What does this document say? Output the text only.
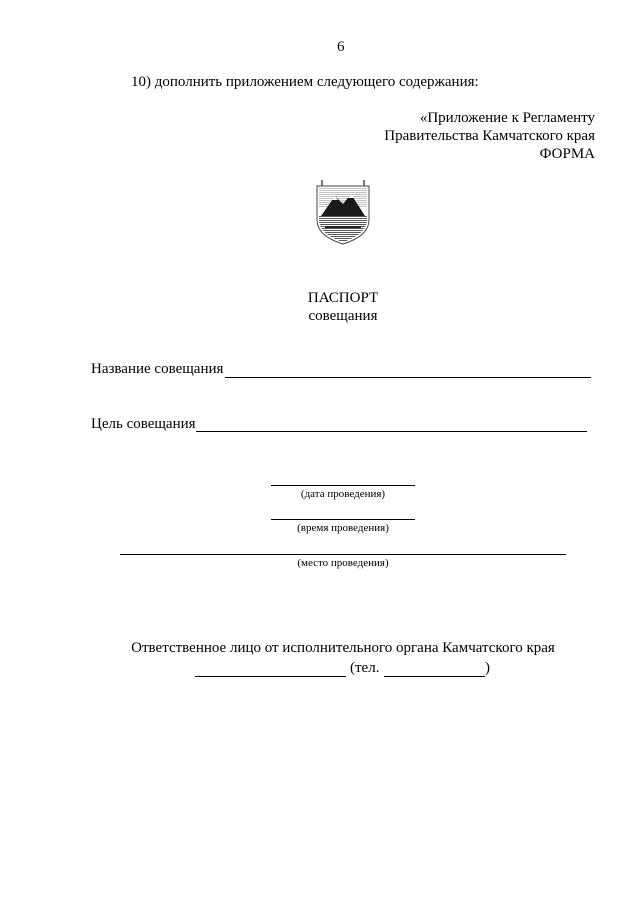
6
10) дополнить приложением следующего содержания:
«Приложение к Регламенту
Правительства Камчатского края
ФОРМА
ПАСПОРТ
совещания
Название совещания
Цель совещания
(дата проведения)
(время проведения)
(место проведения)
Ответственное лицо от исполнительного органа Камчатского края
(тел.	)
